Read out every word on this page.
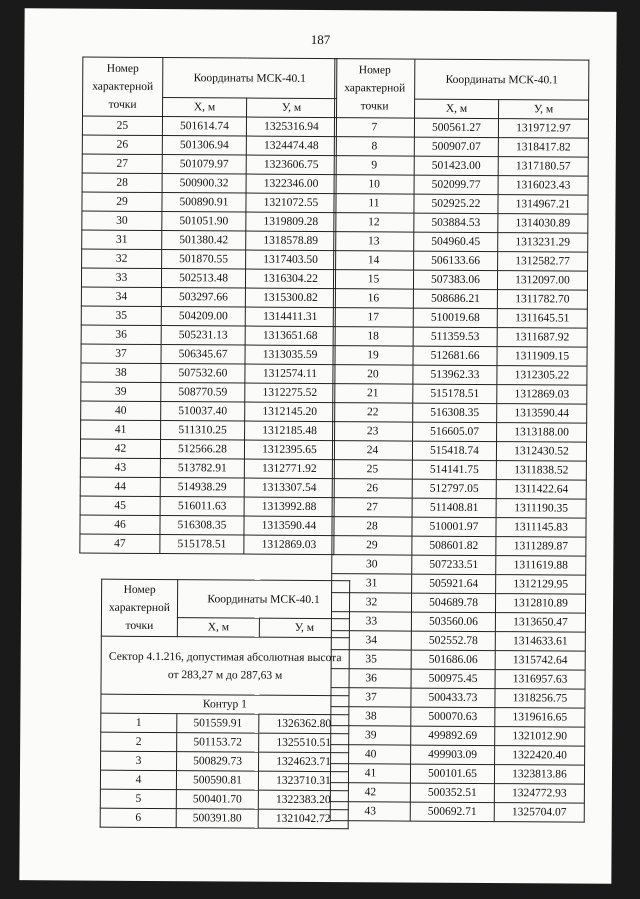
187
Номер характерной точки	Координаты МСК-40.1	
	X, м	У, м
25	501614.74	1325316.94
26	501306.94	1324474.48
27	501079.97	1323606.75
28	500900.32	1322346.00
29	500890.91	1321072.55
30	501051.90	1319809.28
31	501380.42	1318578.89
32	501870.55	1317403.50
33	502513.48	1316304.22
34	503297.66	1315300.82
35	504209.00	1314411.31
36	505231.13	1313651.68
37	506345.67	1313035.59
38	507532.60	1312574.11
39	508770.59	1312275.52
40	510037.40	1312145.20
41	511310.25	1312185.48
42	512566.28	1312395.65
43	513782.91	1312771.92
44	514938.29	1313307.54
45	516011.63	1313992.88
46	516308.35	1313590.44
47	515178.51	1312869.03
Номер характерной точки	Координаты МСК-40.1	
	X, м	У, м
7	500561.27	1319712.97
8	500907.07	1318417.82
9	501423.00	1317180.57
10	502099.77	1316023.43
11	502925.22	1314967.21
12	503884.53	1314030.89
13	504960.45	1313231.29
14	506133.66	1312582.77
15	507383.06	1312097.00
16	508686.21	1311782.70
17	510019.68	1311645.51
18	511359.53	1311687.92
19	512681.66	1311909.15
20	513962.33	1312305.22
21	515178.51	1312869.03
22	516308.35	1313590.44
23	516605.07	1313188.00
24	515418.74	1312430.52
25	514141.75	1311838.52
26	512797.05	1311422.64
27	511408.81	1311190.35
28	510001.97	1311145.83
29	508601.82	1311289.87
30	507233.51	1311619.88
31	505921.64	1312129.95
32	504689.78	1312810.89
33	503560.06	1313650.47
34	502552.78	1314633.61
35	501686.06	1315742.64
36	500975.45	1316957.63
37	500433.73	1318256.75
38	500070.63	1319616.65
39	499892.69	1321012.90
40	499903.09	1322420.40
41	500101.65	1323813.86
42	500352.51	1324772.93
43	500692.71	1325704.07
Номер характерной точки	Координаты МСК-40.1	
	X, м	У, м
Сектор 4.1.216, допустимая абсолютная высота от 283,27 м до 287,63 м		
Контур 1		
1	501559.91	1326362.80
2	501153.72	1325510.51
3	500829.73	1324623.71
4	500590.81	1323710.31
5	500401.70	1322383.20
6	500391.80	1321042.72
